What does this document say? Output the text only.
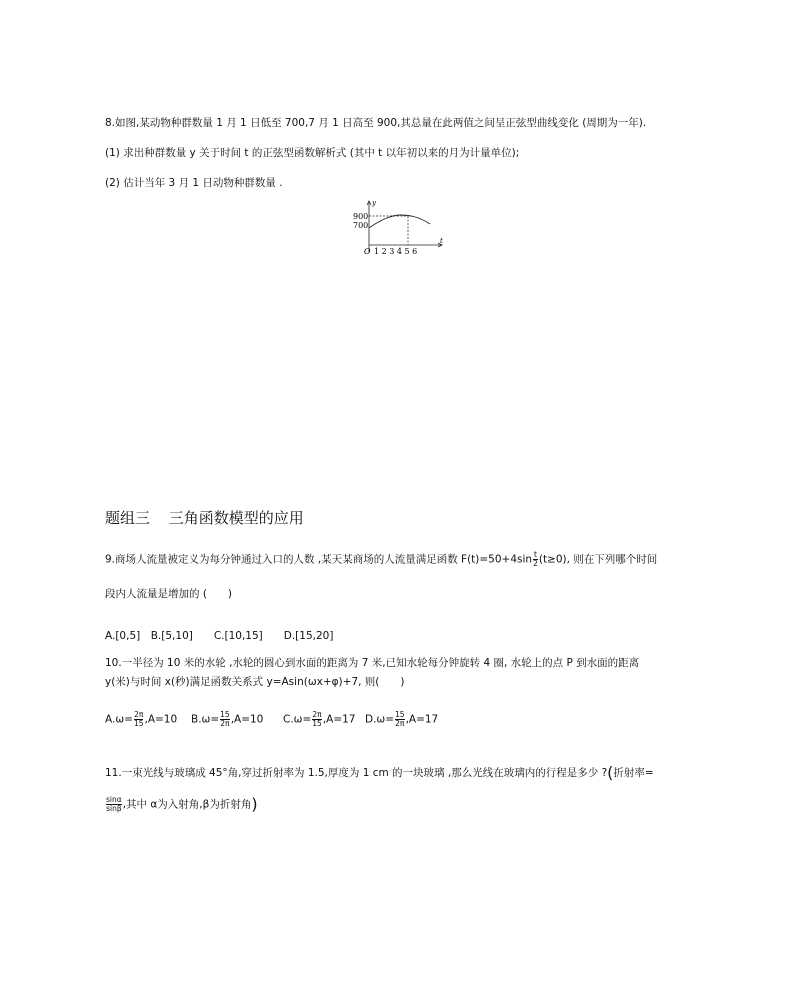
8.如图,某动物种群数量 1 月 1 日低至 700,7 月 1 日高至 900,其总量在此两值之间呈正弦型曲线变化 (周期为一年).
(1) 求出种群数量 y 关于时间 t 的正弦型函数解析式 (其中 t 以年初以来的月为计量单位);
(2) 估计当年 3 月 1 日动物种群数量 .
y
t
900
700
O 1 2 3 4 5 6
题组三 三角函数模型的应用
9.商场人流量被定义为每分钟通过入口的人数 ,某天某商场的人流量满足函数 $F(t)=50+4\sin \frac{t}{2} (t\ge 0)$, 则在下列哪个时间
段内人流量是增加的 (　　)
A.[0,5]　B.[5,10]　　C.[10,15]　　D.[15,20]
10.一半径为 10 米的水轮 ,水轮的圆心到水面的距离为 7 米,已知水轮每分钟旋转 4 圈, 水轮上的点 P 到水面的距离
y(米)与时间 x(秒)满足函数关系式 y=Asin(ωx+φ)+7, 则(　　)
$A.\omega= \frac{2\pi}{15} ,A=10$ $B.\omega= \frac{15}{2\pi} ,A=10$ $C.\omega= \frac{2\pi}{15} ,A=17$ $D.\omega= \frac{15}{2\pi} ,A=17$
11.一束光线与玻璃成 45°角,穿过折射率为 1.5,厚度为 1 cm 的一块玻璃 ,那么光线在玻璃内的行程是多少 ?(折射率=
$\frac{\sin\alpha}{\sin\beta}$ ,其中 α为入射角,β为折射角)
